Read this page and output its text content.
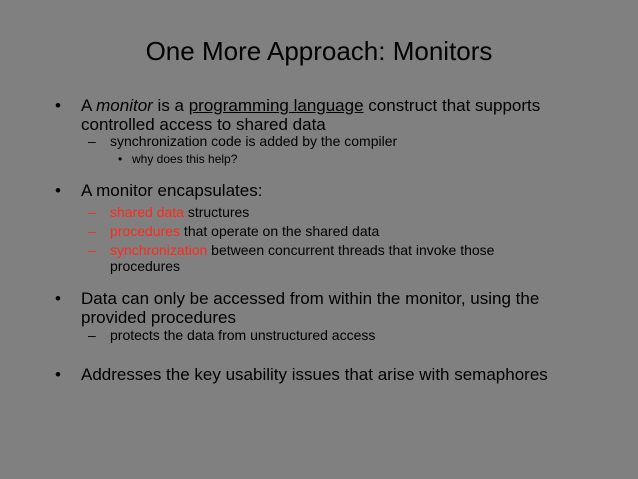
One More Approach: Monitors
• A monitor is a programming language construct that supports controlled access to shared data
– synchronization code is added by the compiler
• why does this help?
• A monitor encapsulates:
– shared data structures
– procedures that operate on the shared data
– synchronization between concurrent threads that invoke those procedures
• Data can only be accessed from within the monitor, using the provided procedures
– protects the data from unstructured access
• Addresses the key usability issues that arise with semaphores
